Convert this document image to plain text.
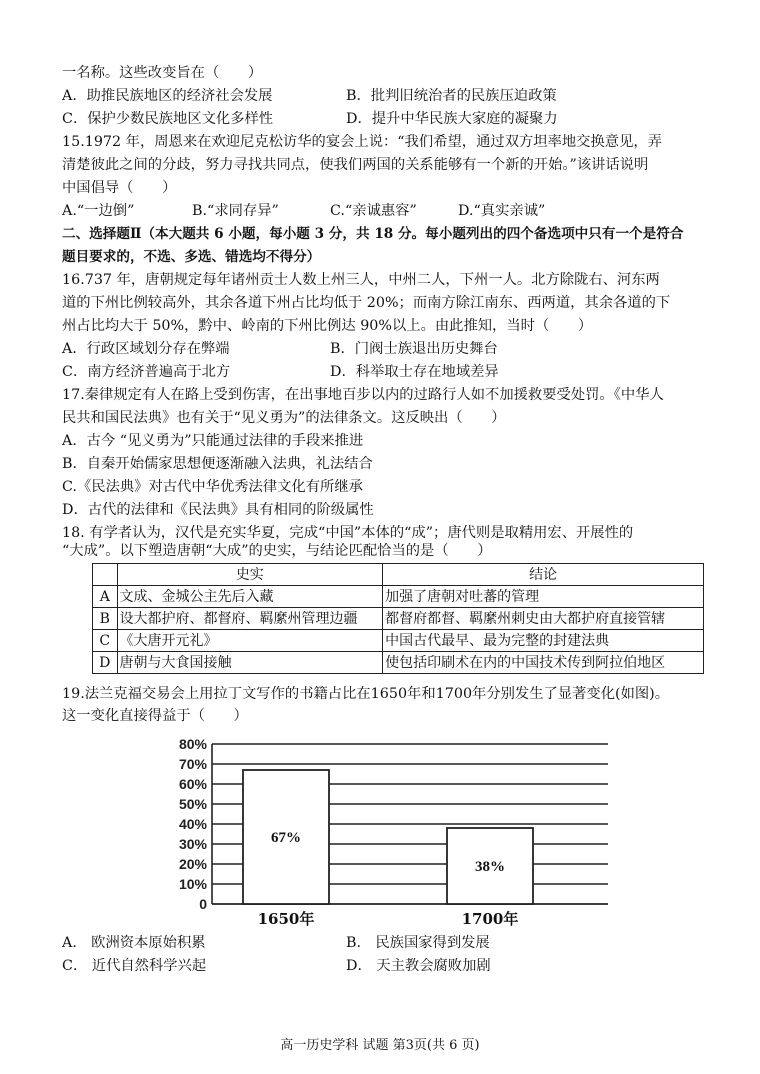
一名称。这些改变旨在（　　）
A．助推民族地区的经济社会发展	B．批判旧统治者的民族压迫政策
C．保护少数民族地区文化多样性	D．提升中华民族大家庭的凝聚力
15.1972 年，周恩来在欢迎尼克松访华的宴会上说：“我们希望，通过双方坦率地交换意见，弄
清楚彼此之间的分歧，努力寻找共同点，使我们两国的关系能够有一个新的开始。”该讲话说明
中国倡导（　　）
A.“一边倒”	B.“求同存异”	C.“亲诚惠容”	D.“真实亲诚”
二、选择题Ⅱ（本大题共 6 小题，每小题 3 分，共 18 分。每小题列出的四个备选项中只有一个是符合
题目要求的，不选、多选、错选均不得分）
16.737 年，唐朝规定每年诸州贡士人数上州三人，中州二人，下州一人。北方除陇右、河东两
道的下州比例较高外，其余各道下州占比均低于 20%；而南方除江南东、西两道，其余各道的下
州占比均大于 50%，黔中、岭南的下州比例达 90%以上。由此推知，当时（　　）
A．行政区域划分存在弊端	B．门阀士族退出历史舞台
C．南方经济普遍高于北方	D．科举取士存在地域差异
17.秦律规定有人在路上受到伤害，在出事地百步以内的过路行人如不加援救要受处罚。《中华人
民共和国民法典》也有关于“见义勇为”的法律条文。这反映出（　　）
A．古今 “见义勇为”只能通过法律的手段来推进
B．自秦开始儒家思想便逐渐融入法典，礼法结合
C.《民法典》对古代中华优秀法律文化有所继承
D．古代的法律和《民法典》具有相同的阶级属性
18. 有学者认为，汉代是充实华夏，完成“中国”本体的“成”；唐代则是取精用宏、开展性的
“大成”。以下塑造唐朝“大成”的史实，与结论匹配恰当的是（　　）
	史实	结论
A	文成、金城公主先后入藏	加强了唐朝对吐蕃的管理
B	设大都护府、都督府、羁縻州管理边疆	都督府都督、羁縻州刺史由大都护府直接管辖
C	《大唐开元礼》	中国古代最早、最为完整的封建法典
D	唐朝与大食国接触	使包括印刷术在内的中国技术传到阿拉伯地区
19.法兰克福交易会上用拉丁文写作的书籍占比在1650年和1700年分别发生了显著变化(如图)。
这一变化直接得益于（　　）
0
10%
20%
30%
40%
50%
60%
70%
80%
67%
1650年
38%
1700年
A． 欧洲资本原始积累	B． 民族国家得到发展
C． 近代自然科学兴起	D． 天主教会腐败加剧
高一历史学科 试题 第3页(共 6 页)
